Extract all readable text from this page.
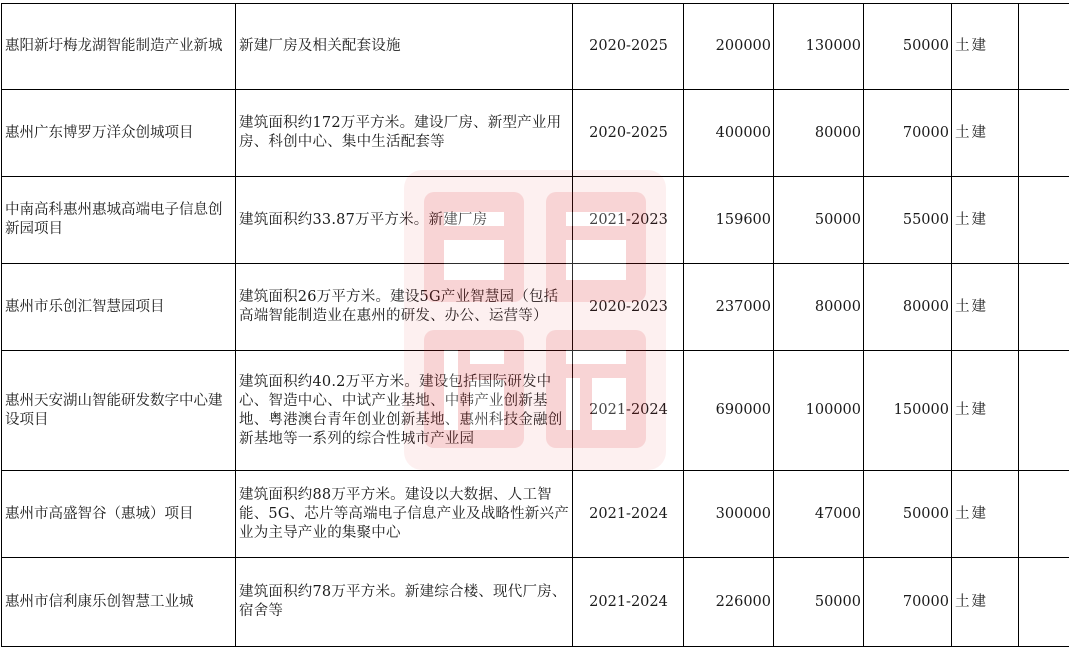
惠阳新圩梅龙湖智能制造产业新城	新建厂房及相关配套设施	2020-2025	200000	130000	50000	土建	
惠州广东博罗万洋众创城项目	建筑面积约172万平方米。建设厂房、新型产业用房、科创中心、集中生活配套等	2020-2025	400000	80000	70000	土建	
中南高科惠州惠城高端电子信息创新园项目	建筑面积约33.87万平方米。新建厂房	2021-2023	159600	50000	55000	土建	
惠州市乐创汇智慧园项目	建筑面积26万平方米。建设5G产业智慧园（包括高端智能制造业在惠州的研发、办公、运营等）	2020-2023	237000	80000	80000	土建	
惠州天安湖山智能研发数字中心建设项目	建筑面积约40.2万平方米。建设包括国际研发中心、智造中心、中试产业基地、中韩产业创新基地、粤港澳台青年创业创新基地、惠州科技金融创新基地等一系列的综合性城市产业园	2021-2024	690000	100000	150000	土建	
惠州市高盛智谷（惠城）项目	建筑面积约88万平方米。建设以大数据、人工智能、5G、芯片等高端电子信息产业及战略性新兴产业为主导产业的集聚中心	2021-2024	300000	47000	50000	土建	
惠州市信利康乐创智慧工业城	建筑面积约78万平方米。新建综合楼、现代厂房、宿舍等	2021-2024	226000	50000	70000	土建	
